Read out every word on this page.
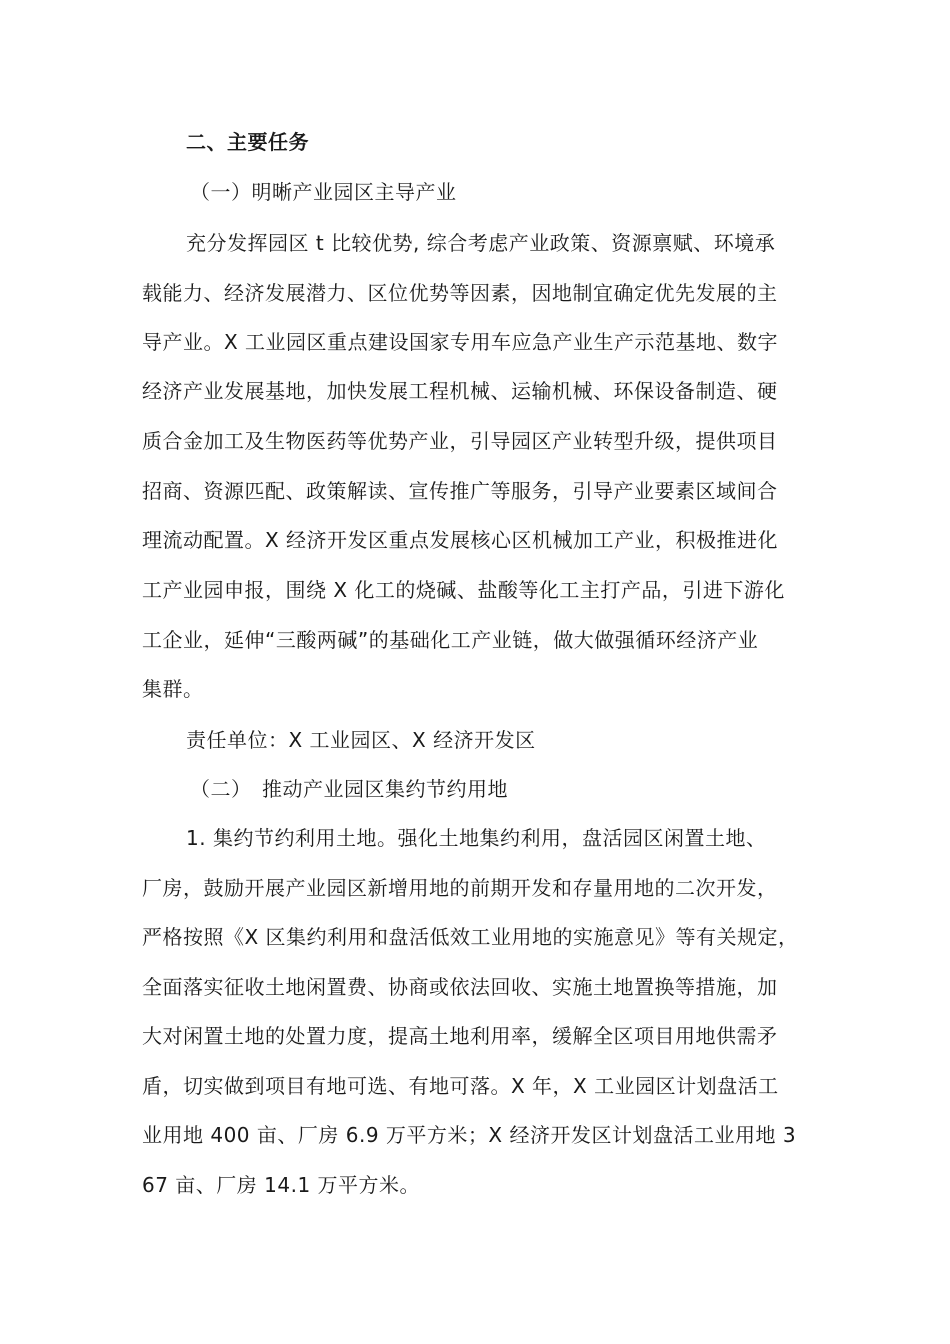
二、主要任务
（一）明晰产业园区主导产业
充分发挥园区 t 比较优势, 综合考虑产业政策、资源禀赋、环境承
载能力、经济发展潜力、区位优势等因素，因地制宜确定优先发展的主
导产业。X 工业园区重点建设国家专用车应急产业生产示范基地、数字
经济产业发展基地，加快发展工程机械、运输机械、环保设备制造、硬
质合金加工及生物医药等优势产业，引导园区产业转型升级，提供项目
招商、资源匹配、政策解读、宣传推广等服务，引导产业要素区域间合
理流动配置。X 经济开发区重点发展核心区机械加工产业，积极推进化
工产业园申报，围绕 X 化工的烧碱、盐酸等化工主打产品，引进下游化
工企业，延伸“三酸两碱”的基础化工产业链，做大做强循环经济产业
集群。
责任单位：X 工业园区、X 经济开发区
（二）　推动产业园区集约节约用地
1. 集约节约利用土地。强化土地集约利用，盘活园区闲置土地、
厂房，鼓励开展产业园区新增用地的前期开发和存量用地的二次开发，
严格按照《X 区集约利用和盘活低效工业用地的实施意见》等有关规定，
全面落实征收土地闲置费、协商或依法回收、实施土地置换等措施，加
大对闲置土地的处置力度，提高土地利用率，缓解全区项目用地供需矛
盾，切实做到项目有地可选、有地可落。X 年，X 工业园区计划盘活工
业用地 400 亩、厂房 6.9 万平方米；X 经济开发区计划盘活工业用地 3
67 亩、厂房 14.1 万平方米。
